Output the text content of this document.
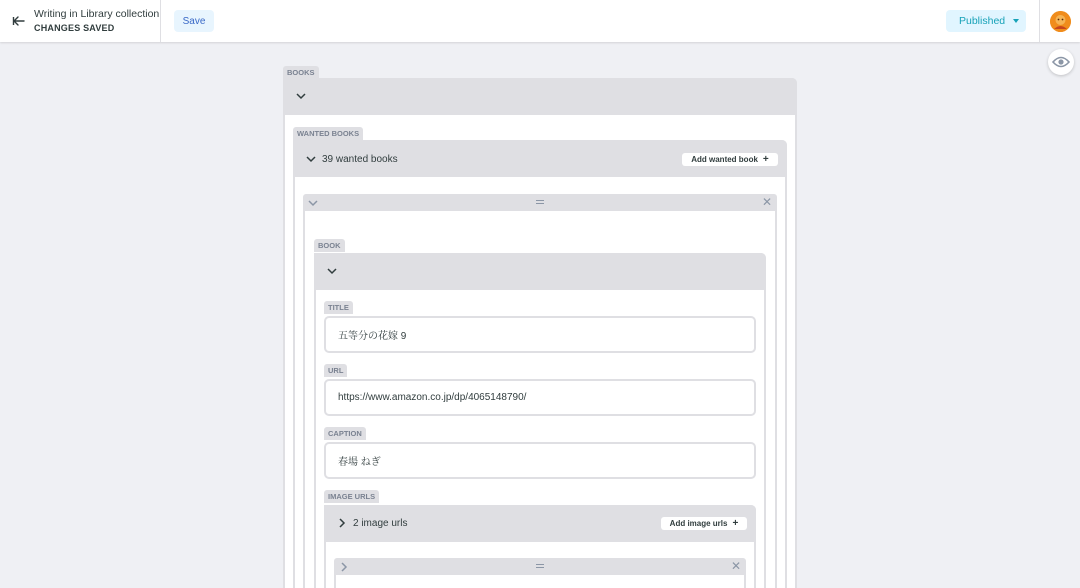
Writing in Library collection
CHANGES SAVED
Save	Published
BOOKS
WANTED BOOKS
39 wanted books	Add wanted book +
✕
BOOK
TITLE
五等分の花嫁 9
URL
https://www.amazon.co.jp/dp/4065148790/
CAPTION
春場 ねぎ
IMAGE URLS
2 image urls	Add image urls +
✕
